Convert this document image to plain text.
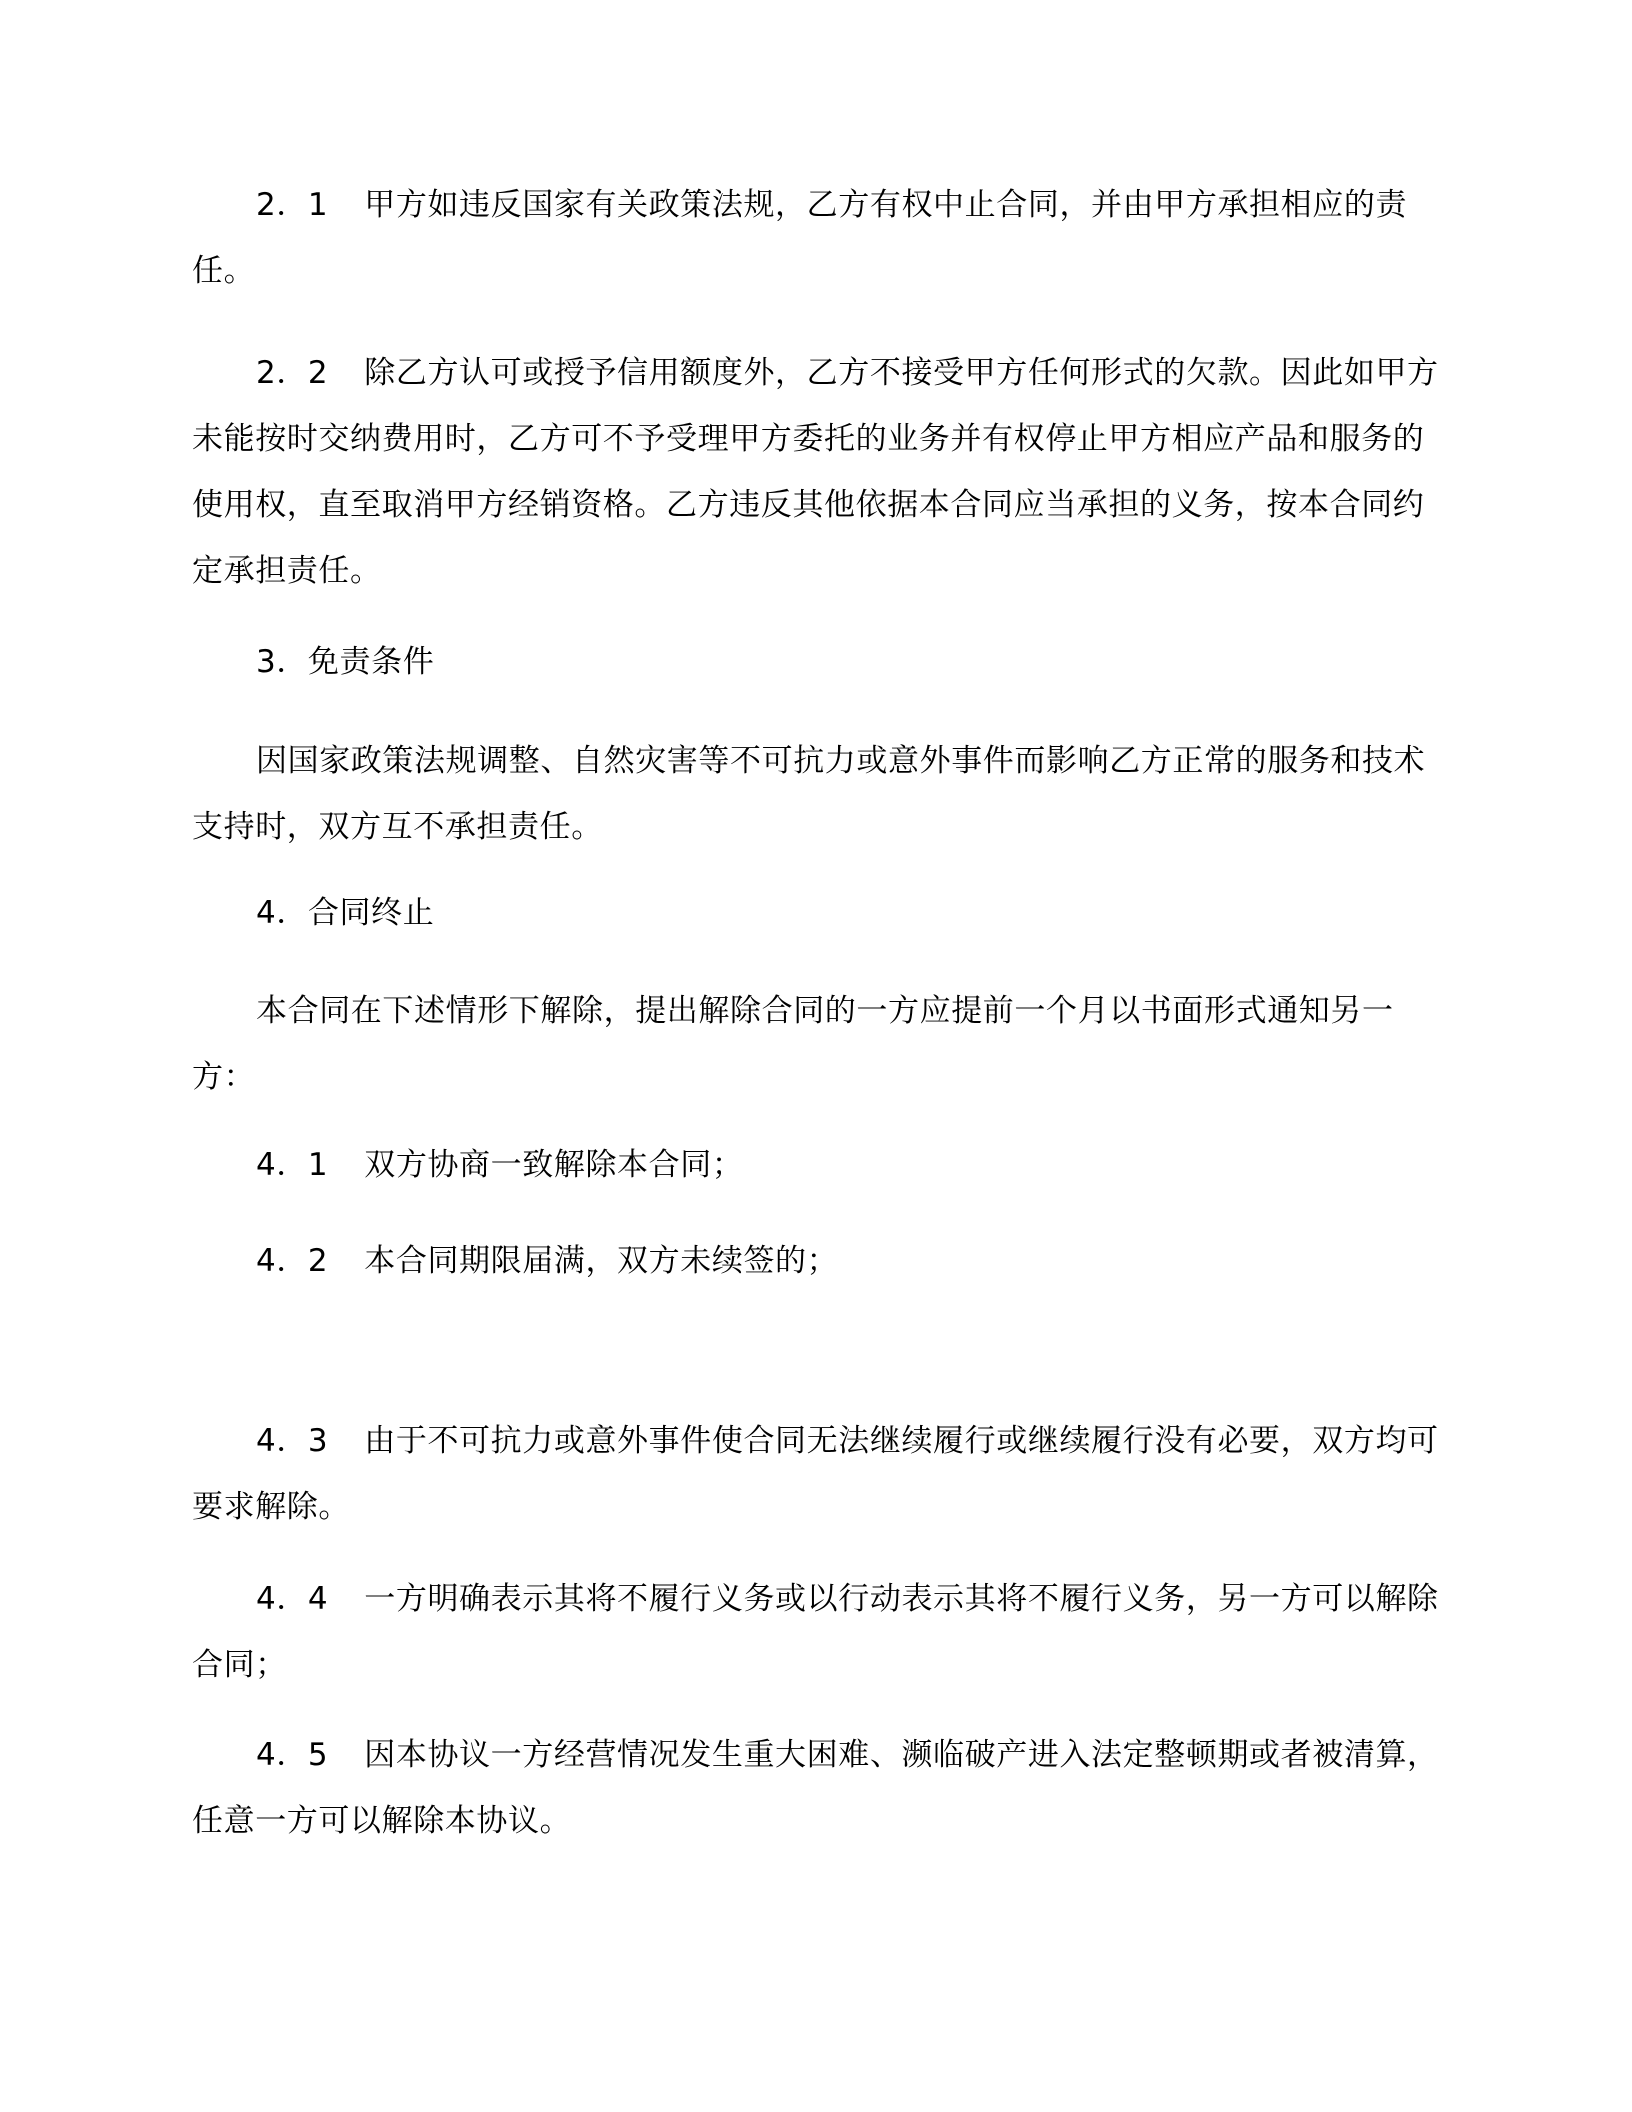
2．1 甲方如违反国家有关政策法规，乙方有权中止合同，并由甲方承担相应的责任。

2．2 除乙方认可或授予信用额度外，乙方不接受甲方任何形式的欠款。因此如甲方未能按时交纳费用时，乙方可不予受理甲方委托的业务并有权停止甲方相应产品和服务的使用权，直至取消甲方经销资格。乙方违反其他依据本合同应当承担的义务，按本合同约定承担责任。

3．免责条件

因国家政策法规调整、自然灾害等不可抗力或意外事件而影响乙方正常的服务和技术支持时，双方互不承担责任。

4．合同终止

本合同在下述情形下解除，提出解除合同的一方应提前一个月以书面形式通知另一方：

4．1 双方协商一致解除本合同；

4．2 本合同期限届满，双方未续签的；

4．3 由于不可抗力或意外事件使合同无法继续履行或继续履行没有必要，双方均可要求解除。

4．4 一方明确表示其将不履行义务或以行动表示其将不履行义务，另一方可以解除合同；

4．5 因本协议一方经营情况发生重大困难、濒临破产进入法定整顿期或者被清算，任意一方可以解除本协议。
